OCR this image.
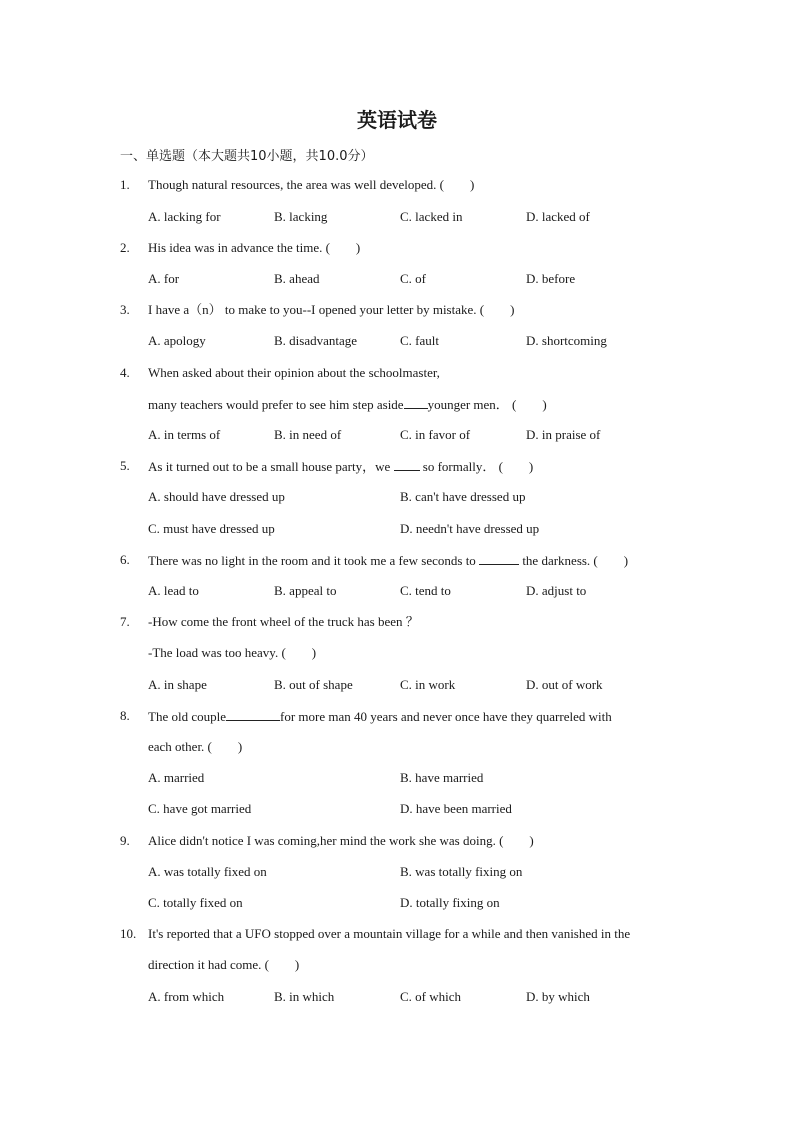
英语试卷
一、单选题（本大题共10小题，共10.0分）
1.	Though natural resources, the area was well developed. (　　)
A. lacking for	B. lacking	C. lacked in	D. lacked of
2.	His idea was in advance the time. (　　)
A. for	B. ahead	C. of	D. before
3.	I have a（n） to make to you--I opened your letter by mistake. (　　)
A. apology	B. disadvantage	C. fault	D. shortcoming
4.	When asked about their opinion about the schoolmaster,
many teachers would prefer to see him step aside younger men． (　　)
A. in terms of	B. in need of	C. in favor of	D. in praise of
5.	As it turned out to be a small house party，we	so formally． (　　)
A. should have dressed up	B. can't have dressed up
C. must have dressed up	D. needn't have dressed up
6.	There was no light in the room and it took me a few seconds to	the darkness. (　　)
A. lead to	B. appeal to	C. tend to	D. adjust to
7.	-How come the front wheel of the truck has been ？
-The load was too heavy. (　　)
A. in shape	B. out of shape	C. in work	D. out of work
8.	The old couple	for more man 40 years and never once have they quarreled with
each other. (　　)
A. married	B. have married
C. have got married	D. have been married
9.	Alice didn't notice I was coming,her mind the work she was doing. (　　)
A. was totally fixed on	B. was totally fixing on
C. totally fixed on	D. totally fixing on
10. It's reported that a UFO stopped over a mountain village for a while and then vanished in the
direction it had come. (　　)
A. from which	B. in which	C. of which	D. by which
